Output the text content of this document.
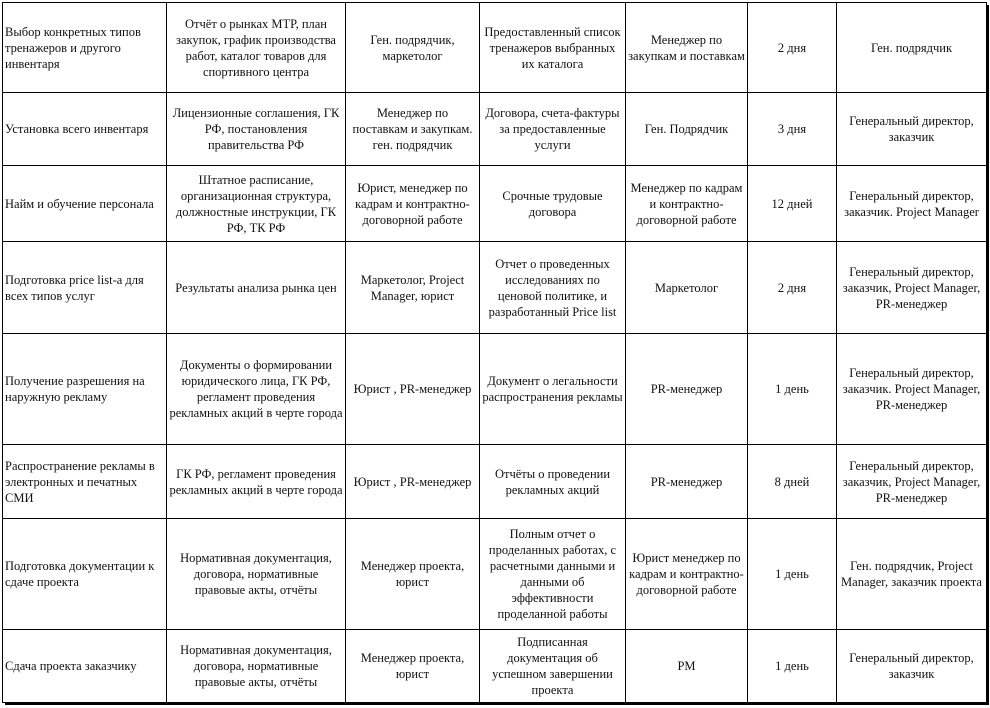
Выбор конкретных типов тренажеров и другого инвентаря	Отчёт о рынках МТР, план закупок, график производства работ, каталог товаров для спортивного центра	Ген. подрядчик, маркетолог	Предоставленный список тренажеров выбранных их каталога	Менеджер по закупкам и поставкам	2 дня	Ген. подрядчик
Установка всего инвентаря	Лицензионные соглашения, ГК РФ, постановления правительства РФ	Менеджер по поставкам и закупкам. ген. подрядчик	Договора, счета-фактуры за предоставленные услуги	Ген. Подрядчик	3 дня	Генеральный директор, заказчик
Найм и обучение персонала	Штатное расписание, организационная структура, должностные инструкции, ГК РФ, ТК РФ	Юрист, менеджер по кадрам и контрактно-договорной работе	Срочные трудовые договора	Менеджер по кадрам и контрактно-договорной работе	12 дней	Генеральный директор, заказчик. Project Manager
Подготовка price list-а для всех типов услуг	Результаты анализа рынка цен	Маркетолог, Project Manager, юрист	Отчет о проведенных исследованиях по ценовой политике, и разработанный Price list	Маркетолог	2 дня	Генеральный директор, заказчик, Project Manager, PR-менеджер
Получение разрешения на наружную рекламу	Документы о формировании юридического лица, ГК РФ, регламент проведения рекламных акций в черте города	Юрист , PR-менеджер	Документ о легальности распространения рекламы	PR-менеджер	1 день	Генеральный директор, заказчик. Project Manager, PR-менеджер
Распространение рекламы в электронных и печатных СМИ	ГК РФ, регламент проведения рекламных акций в черте города	Юрист , PR-менеджер	Отчёты о проведении рекламных акций	PR-менеджер	8 дней	Генеральный директор, заказчик, Project Manager, PR-менеджер
Подготовка документации к сдаче проекта	Нормативная документация, договора, нормативные правовые акты, отчёты	Менеджер проекта, юрист	Полным отчет о проделанных работах, с расчетными данными и данными об эффективности проделанной работы	Юрист менеджер по кадрам и контрактно-договорной работе	1 день	Ген. подрядчик, Project Manager, заказчик проекта
Сдача проекта заказчику	Нормативная документация, договора, нормативные правовые акты, отчёты	Менеджер проекта, юрист	Подписанная документация об успешном завершении проекта	PM	1 день	Генеральный директор, заказчик
